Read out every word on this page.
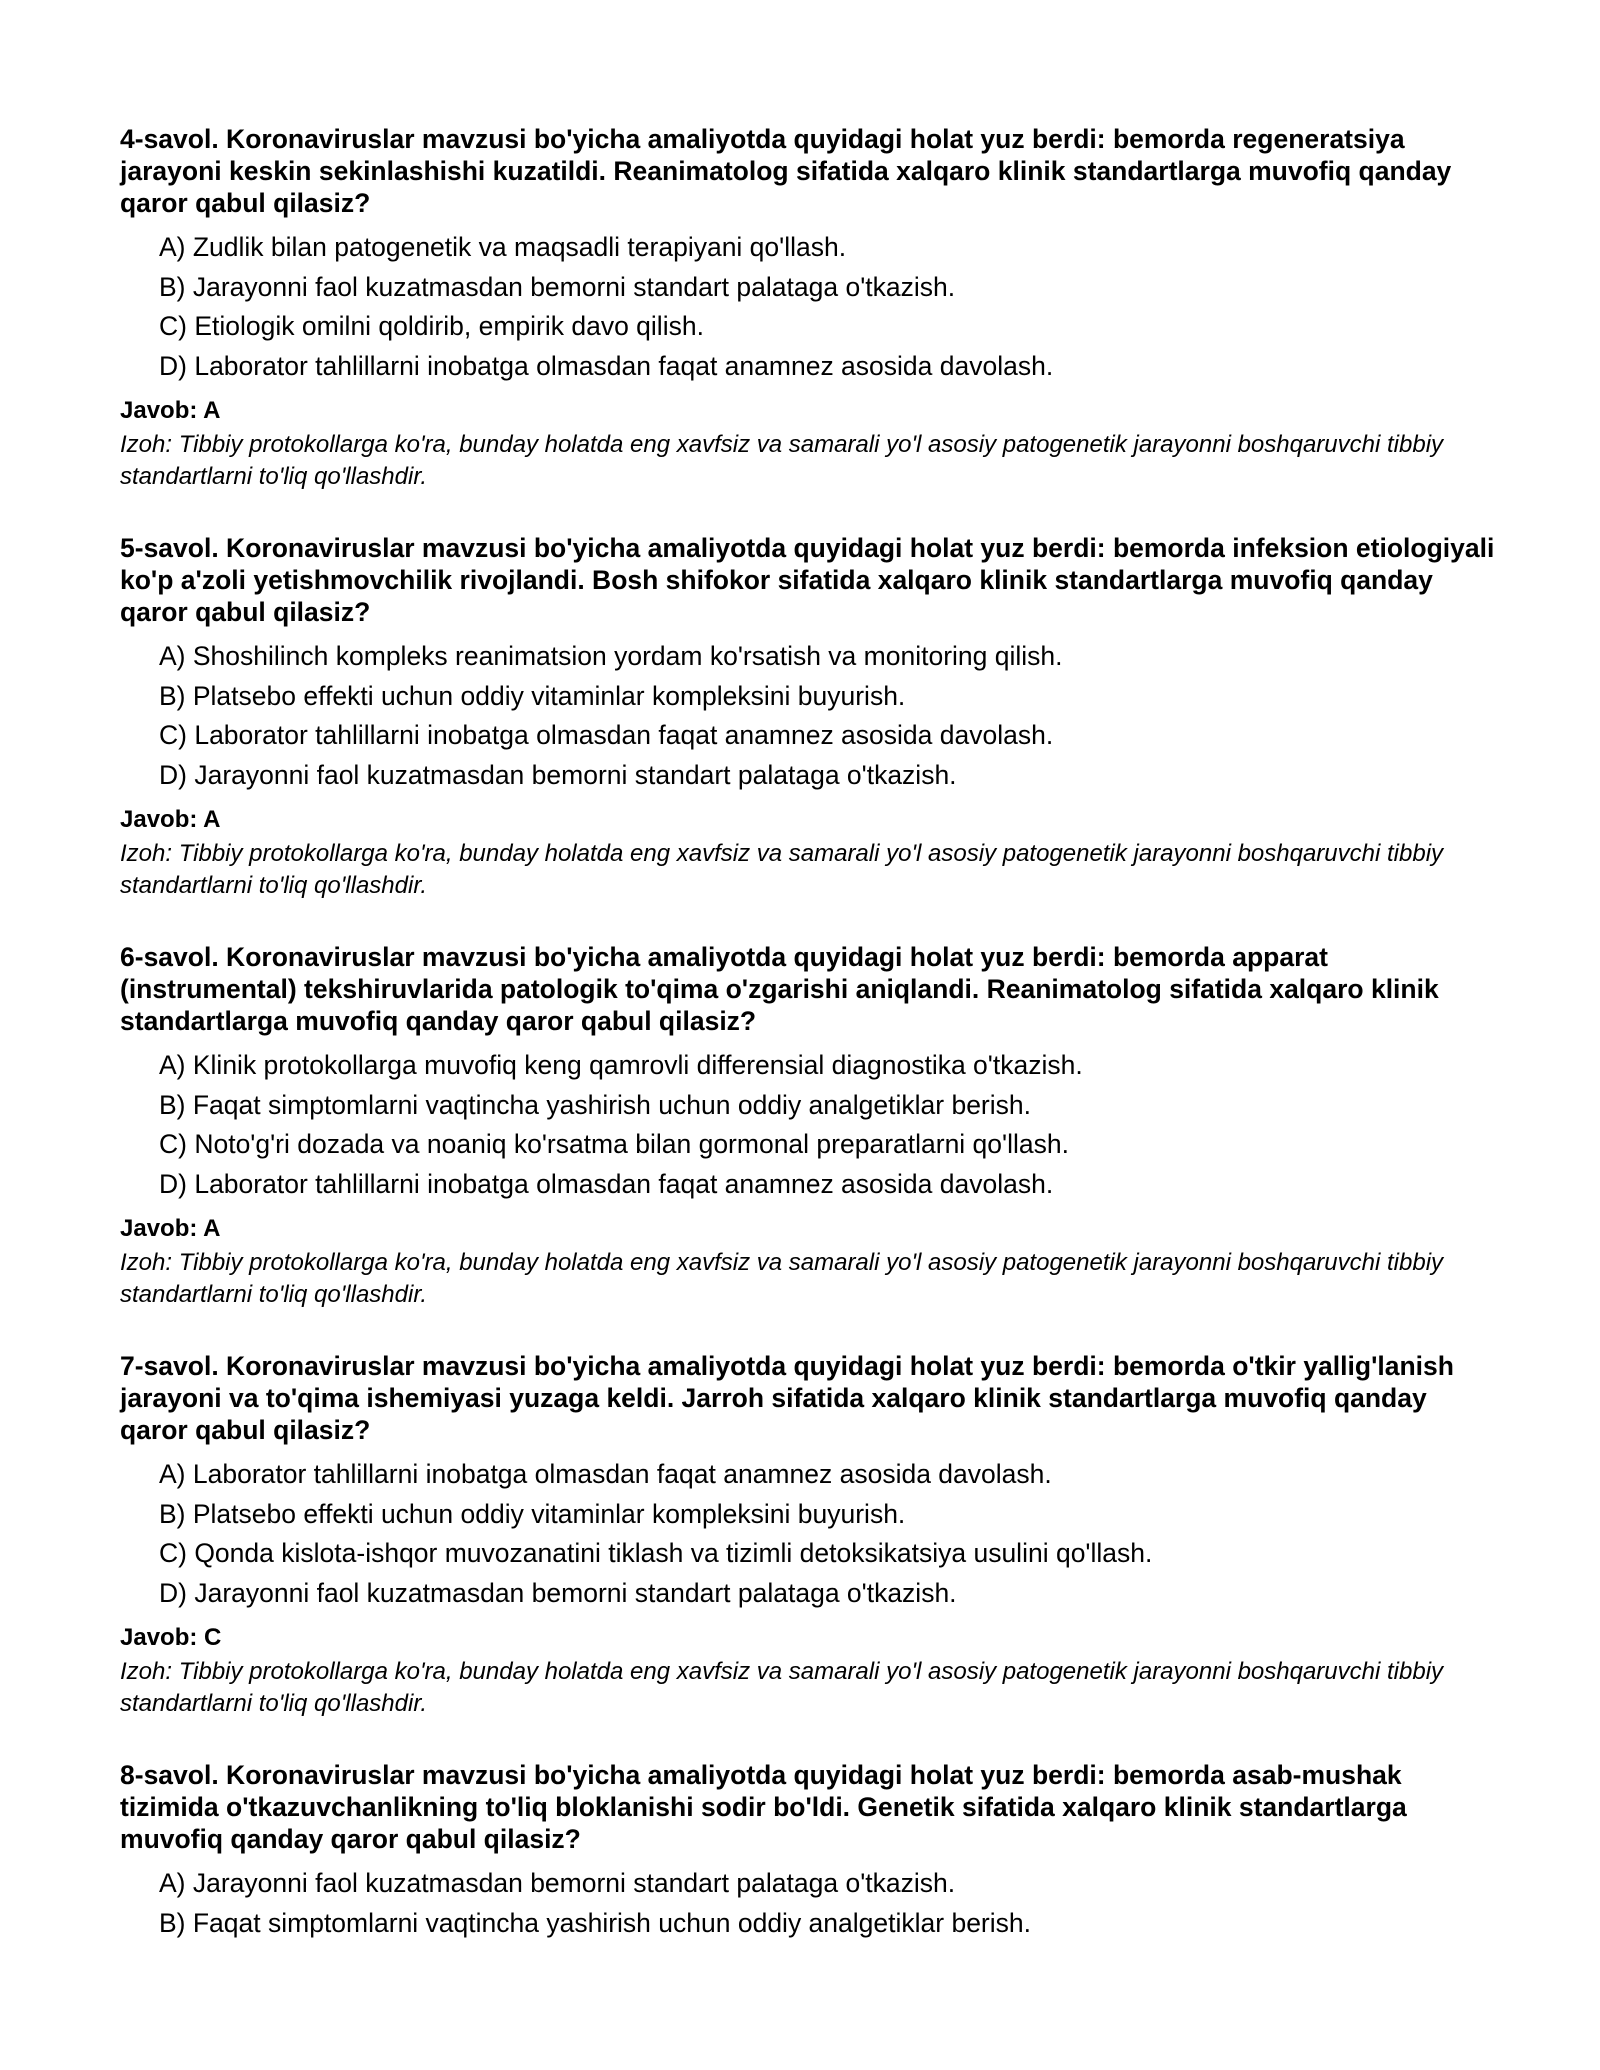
4-savol. Koronaviruslar mavzusi bo'yicha amaliyotda quyidagi holat yuz berdi: bemorda regeneratsiya jarayoni keskin sekinlashishi kuzatildi. Reanimatolog sifatida xalqaro klinik standartlarga muvofiq qanday qaror qabul qilasiz?
A) Zudlik bilan patogenetik va maqsadli terapiyani qo'llash.
B) Jarayonni faol kuzatmasdan bemorni standart palataga o'tkazish.
C) Etiologik omilni qoldirib, empirik davo qilish.
D) Laborator tahlillarni inobatga olmasdan faqat anamnez asosida davolash.
Javob: A

Izoh: Tibbiy protokollarga ko'ra, bunday holatda eng xavfsiz va samarali yo'l asosiy patogenetik jarayonni boshqaruvchi tibbiy standartlarni to'liq qo'llashdir.

5-savol. Koronaviruslar mavzusi bo'yicha amaliyotda quyidagi holat yuz berdi: bemorda infeksion etiologiyali ko'p a'zoli yetishmovchilik rivojlandi. Bosh shifokor sifatida xalqaro klinik standartlarga muvofiq qanday qaror qabul qilasiz?
A) Shoshilinch kompleks reanimatsion yordam ko'rsatish va monitoring qilish.
B) Platsebo effekti uchun oddiy vitaminlar kompleksini buyurish.
C) Laborator tahlillarni inobatga olmasdan faqat anamnez asosida davolash.
D) Jarayonni faol kuzatmasdan bemorni standart palataga o'tkazish.
Javob: A

Izoh: Tibbiy protokollarga ko'ra, bunday holatda eng xavfsiz va samarali yo'l asosiy patogenetik jarayonni boshqaruvchi tibbiy standartlarni to'liq qo'llashdir.

6-savol. Koronaviruslar mavzusi bo'yicha amaliyotda quyidagi holat yuz berdi: bemorda apparat (instrumental) tekshiruvlarida patologik to'qima o'zgarishi aniqlandi. Reanimatolog sifatida xalqaro klinik standartlarga muvofiq qanday qaror qabul qilasiz?
A) Klinik protokollarga muvofiq keng qamrovli differensial diagnostika o'tkazish.
B) Faqat simptomlarni vaqtincha yashirish uchun oddiy analgetiklar berish.
C) Noto'g'ri dozada va noaniq ko'rsatma bilan gormonal preparatlarni qo'llash.
D) Laborator tahlillarni inobatga olmasdan faqat anamnez asosida davolash.
Javob: A

Izoh: Tibbiy protokollarga ko'ra, bunday holatda eng xavfsiz va samarali yo'l asosiy patogenetik jarayonni boshqaruvchi tibbiy standartlarni to'liq qo'llashdir.

7-savol. Koronaviruslar mavzusi bo'yicha amaliyotda quyidagi holat yuz berdi: bemorda o'tkir yallig'lanish jarayoni va to'qima ishemiyasi yuzaga keldi. Jarroh sifatida xalqaro klinik standartlarga muvofiq qanday qaror qabul qilasiz?
A) Laborator tahlillarni inobatga olmasdan faqat anamnez asosida davolash.
B) Platsebo effekti uchun oddiy vitaminlar kompleksini buyurish.
C) Qonda kislota-ishqor muvozanatini tiklash va tizimli detoksikatsiya usulini qo'llash.
D) Jarayonni faol kuzatmasdan bemorni standart palataga o'tkazish.
Javob: C

Izoh: Tibbiy protokollarga ko'ra, bunday holatda eng xavfsiz va samarali yo'l asosiy patogenetik jarayonni boshqaruvchi tibbiy standartlarni to'liq qo'llashdir.

8-savol. Koronaviruslar mavzusi bo'yicha amaliyotda quyidagi holat yuz berdi: bemorda asab-mushak tizimida o'tkazuvchanlikning to'liq bloklanishi sodir bo'ldi. Genetik sifatida xalqaro klinik standartlarga muvofiq qanday qaror qabul qilasiz?
A) Jarayonni faol kuzatmasdan bemorni standart palataga o'tkazish.
B) Faqat simptomlarni vaqtincha yashirish uchun oddiy analgetiklar berish.
